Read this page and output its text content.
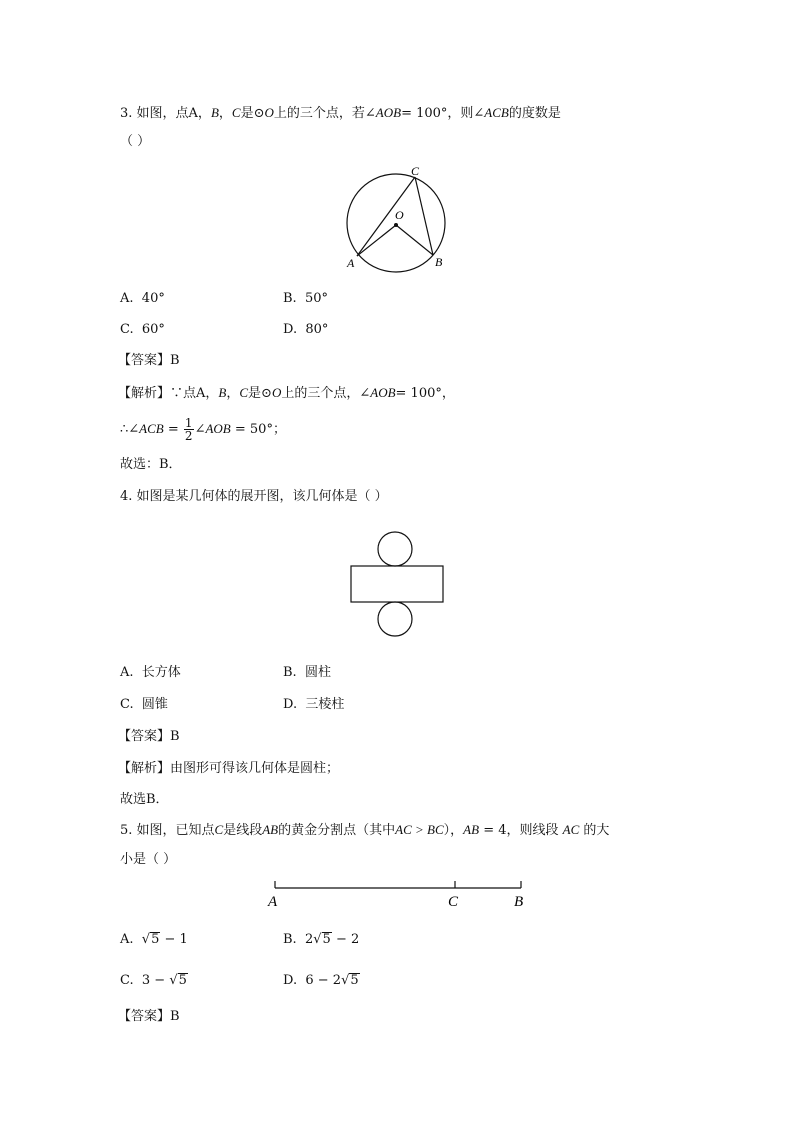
3. 如图，点A，B，C是⊙O上的三个点，若∠AOB= 100°，则∠ACB的度数是
（ ）
C
O
A	B
A. 40°	B. 50°
C. 60°	D. 80°
【答案】B
【解析】∵点A，B，C是⊙O上的三个点，∠AOB= 100°，
∴∠ACB = $\frac{1}{2}$ ∠AOB = 50°；
故选：B．
4. 如图是某几何体的展开图，该几何体是（ ）
A. 长方体	B. 圆柱
C. 圆锥	D. 三棱柱
【答案】B
【解析】由图形可得该几何体是圆柱；
故选B．
5. 如图，已知点C是线段AB的黄金分割点（其中AC > BC），AB = 4，则线段 AC 的大
小是（ ）
A	C	B
A. √5 − 1	B. 2√5 − 2
C. 3 − √5	D. 6 − 2√5
【答案】B
